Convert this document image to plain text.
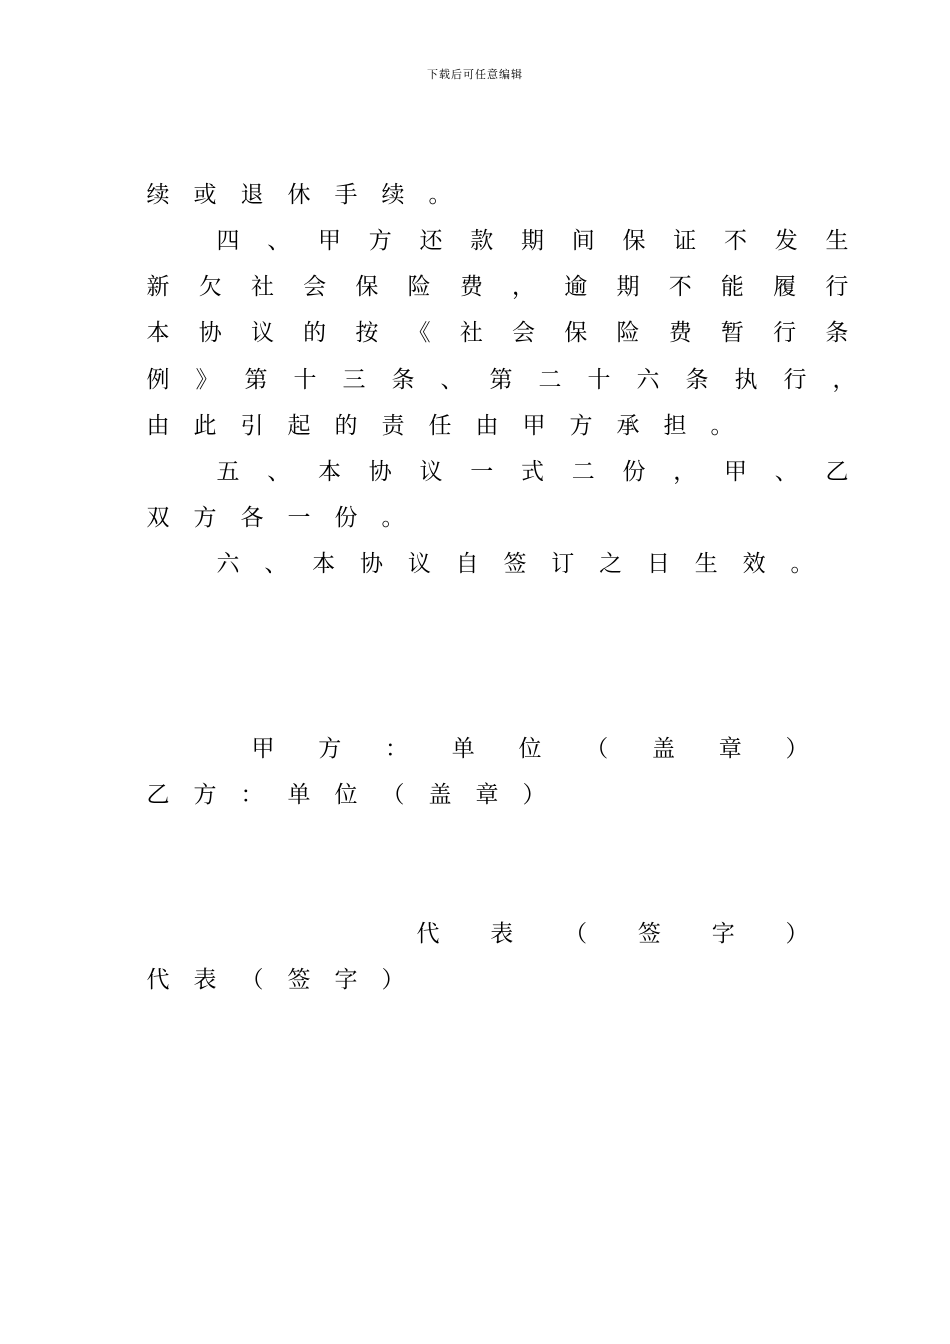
下载后可任意编辑
续 或 退 休 手 续 。
四 、 甲 方 还 款 期 间 保 证 不 发 生
新 欠 社 会 保 险 费 ， 逾 期 不 能 履 行
本 协 议 的 按 《 社 会 保 险 费 暂 行 条
例 》 第 十 三 条 、 第 二 十 六 条 执 行 ，
由 此 引 起 的 责 任 由 甲 方 承 担 。
五 、 本 协 议 一 式 二 份 ， 甲 、 乙
双 方 各 一 份 。
六 、 本 协 议 自 签 订 之 日 生 效 。
甲 方 ： 单 位 （ 盖 章 ）
乙 方 ： 单 位 （ 盖 章 ）
代 表 （ 签 字 ）
代 表 （ 签 字 ）
